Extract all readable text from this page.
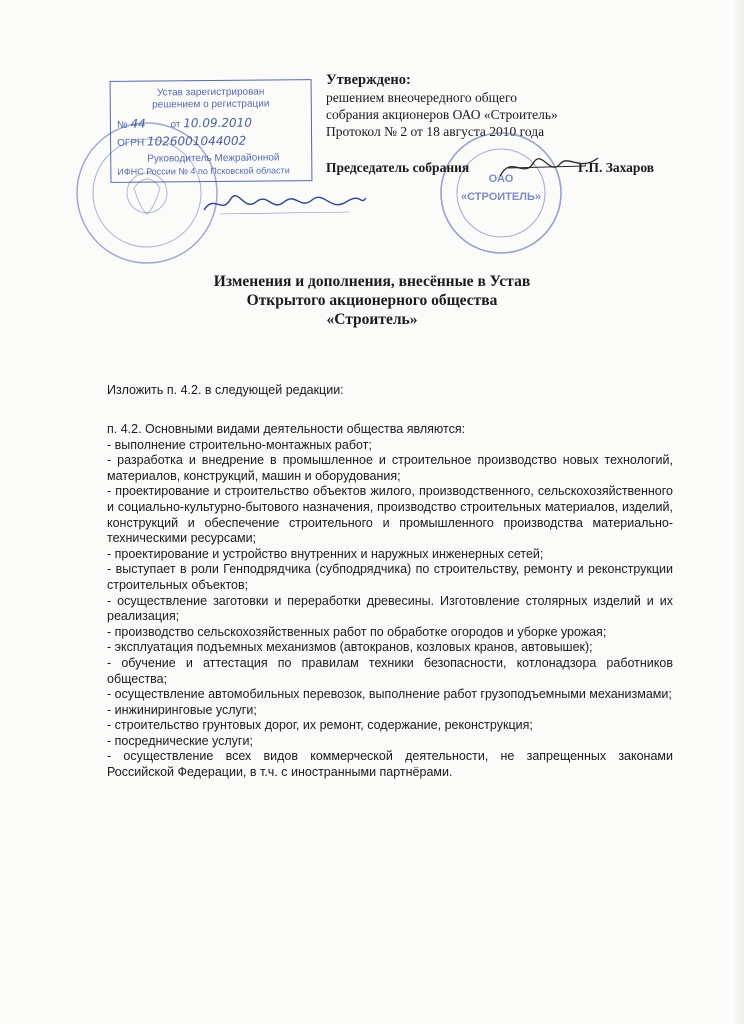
Устав зарегистрирован
решением о регистрации
№ 44 от 10.09.2010
ОГРН 1026001044002
Руководитель Межрайонной
ИФНС России № 4 по Псковской области
Утверждено:
решением внеочередного общего
собрания акционеров ОАО «Строитель»
Протокол № 2 от 18 августа 2010 года
ОАО
«СТРОИТЕЛЬ»
Председатель собрания	Г.П. Захаров
Изменения и дополнения, внесённые в Устав
Открытого акционерного общества
«Строитель»
Изложить п. 4.2. в следующей редакции:

п. 4.2. Основными видами деятельности общества являются:

- выполнение строительно-монтажных работ;

- разработка и внедрение в промышленное и строительное производство новых технологий, материалов, конструкций, машин и оборудования;

- проектирование и строительство объектов жилого, производственного, сельскохозяйственного и социально-культурно-бытового назначения, производство строительных материалов, изделий, конструкций и обеспечение строительного и промышленного производства материально-техническими ресурсами;

- проектирование и устройство внутренних и наружных инженерных сетей;

- выступает в роли Генподрядчика (субподрядчика) по строительству, ремонту и реконструкции строительных объектов;

- осуществление заготовки и переработки древесины. Изготовление столярных изделий и их реализация;

- производство сельскохозяйственных работ по обработке огородов и уборке урожая;

- эксплуатация подъемных механизмов (автокранов, козловых кранов, автовышек);

- обучение и аттестация по правилам техники безопасности, котлонадзора работников общества;

- осуществление автомобильных перевозок, выполнение работ грузоподъемными механизмами;

- инжиниринговые услуги;

- строительство грунтовых дорог, их ремонт, содержание, реконструкция;

- посреднические услуги;

- осуществление всех видов коммерческой деятельности, не запрещенных законами Российской Федерации, в т.ч. с иностранными партнёрами.
